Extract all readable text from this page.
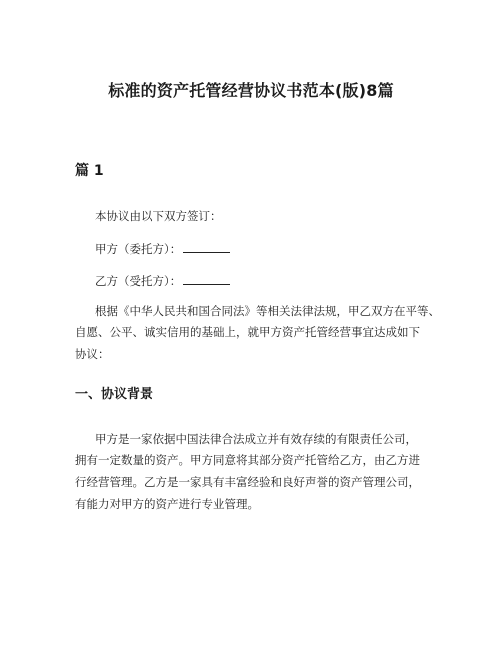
标准的资产托管经营协议书范本(版)8篇
篇 1
本协议由以下双方签订：
甲方（委托方）：
乙方（受托方）：
根据《中华人民共和国合同法》等相关法律法规，甲乙双方在平等、
自愿、公平、诚实信用的基础上，就甲方资产托管经营事宜达成如下
协议：
一、协议背景
甲方是一家依据中国法律合法成立并有效存续的有限责任公司，
拥有一定数量的资产。甲方同意将其部分资产托管给乙方，由乙方进
行经营管理。乙方是一家具有丰富经验和良好声誉的资产管理公司，
有能力对甲方的资产进行专业管理。
